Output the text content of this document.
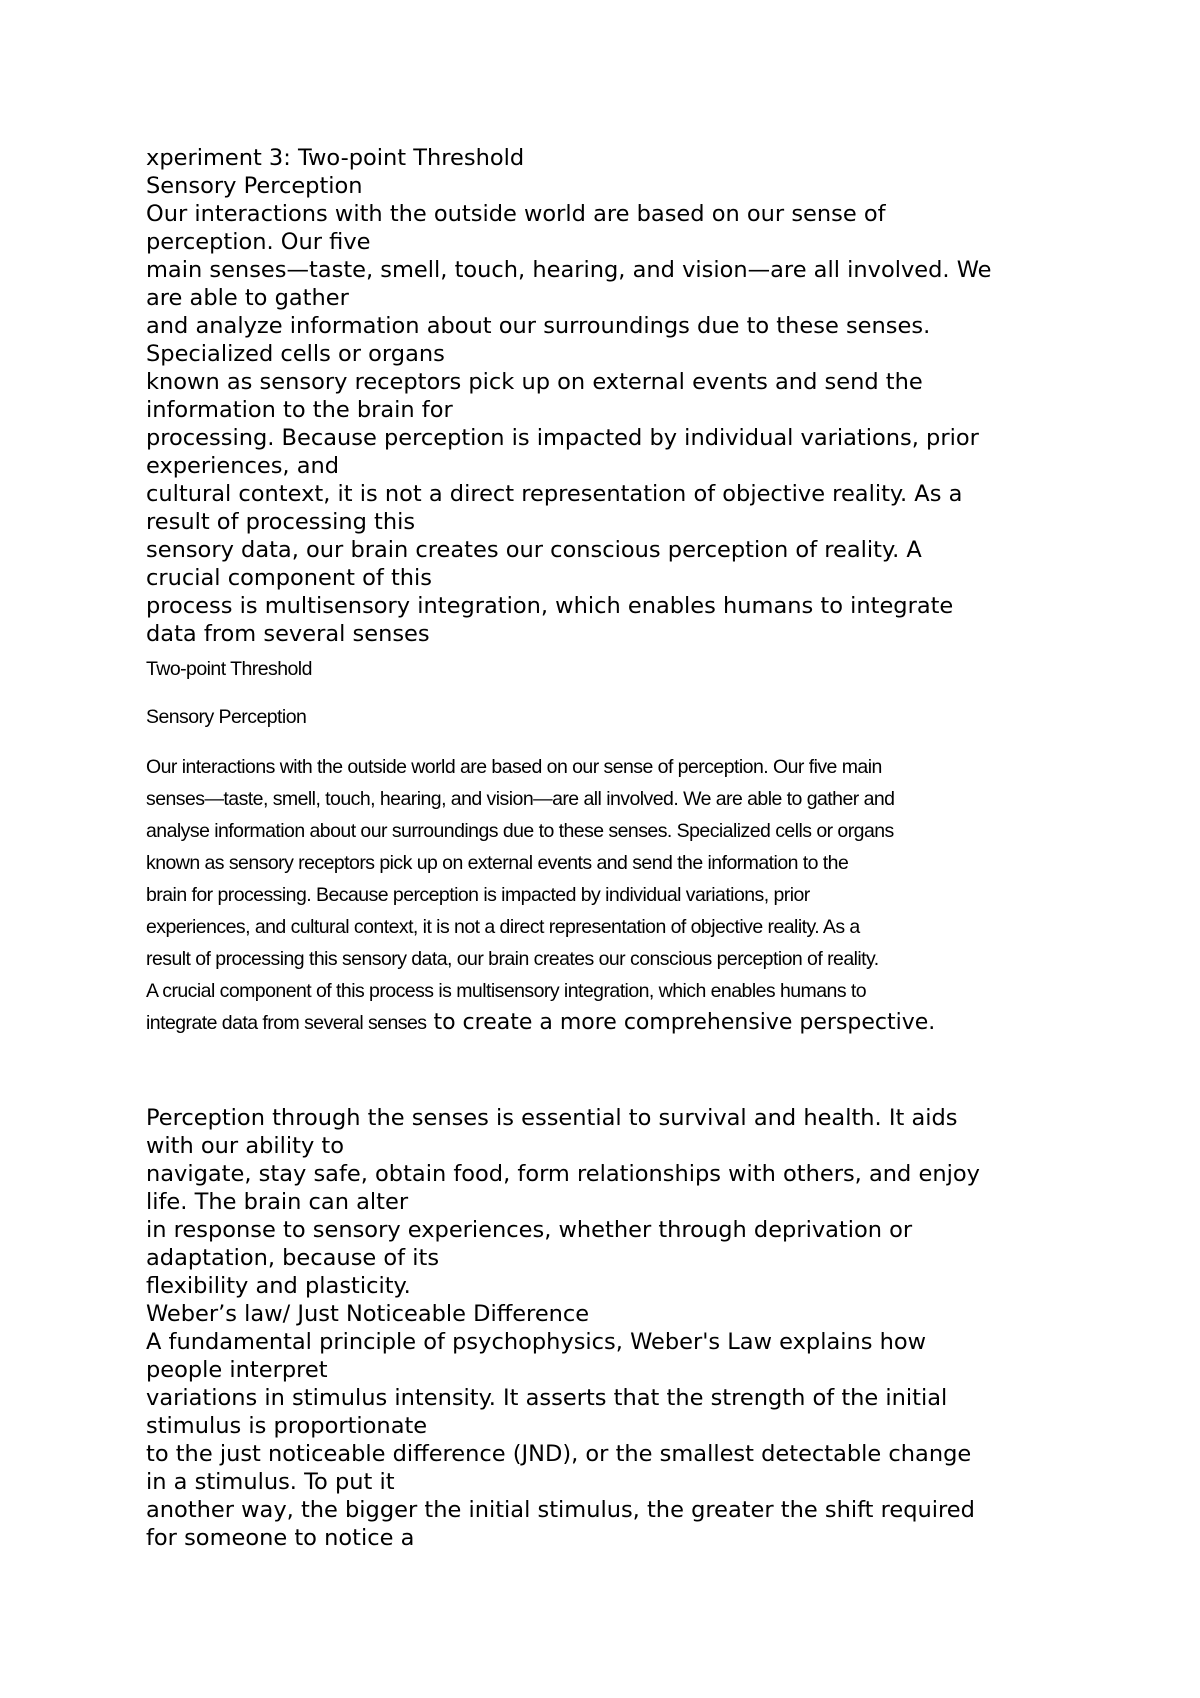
xperiment 3: Two-point Threshold

Sensory Perception

Our interactions with the outside world are based on our sense of

perception. Our five

main senses—taste, smell, touch, hearing, and vision—are all involved. We

are able to gather

and analyze information about our surroundings due to these senses.

Specialized cells or organs

known as sensory receptors pick up on external events and send the

information to the brain for

processing. Because perception is impacted by individual variations, prior

experiences, and

cultural context, it is not a direct representation of objective reality. As a

result of processing this

sensory data, our brain creates our conscious perception of reality. A

crucial component of this

process is multisensory integration, which enables humans to integrate

data from several senses

Two-point Threshold

Sensory Perception

Our interactions with the outside world are based on our sense of perception. Our five main

senses—taste, smell, touch, hearing, and vision—are all involved. We are able to gather and

analyse information about our surroundings due to these senses. Specialized cells or organs

known as sensory receptors pick up on external events and send the information to the

brain for processing. Because perception is impacted by individual variations, prior

experiences, and cultural context, it is not a direct representation of objective reality. As a

result of processing this sensory data, our brain creates our conscious perception of reality.

A crucial component of this process is multisensory integration, which enables humans to

integrate data from several senses to create a more comprehensive perspective.

Perception through the senses is essential to survival and health. It aids

with our ability to

navigate, stay safe, obtain food, form relationships with others, and enjoy

life. The brain can alter

in response to sensory experiences, whether through deprivation or

adaptation, because of its

flexibility and plasticity.

Weber’s law/ Just Noticeable Difference

A fundamental principle of psychophysics, Weber's Law explains how

people interpret

variations in stimulus intensity. It asserts that the strength of the initial

stimulus is proportionate

to the just noticeable difference (JND), or the smallest detectable change

in a stimulus. To put it

another way, the bigger the initial stimulus, the greater the shift required

for someone to notice a
